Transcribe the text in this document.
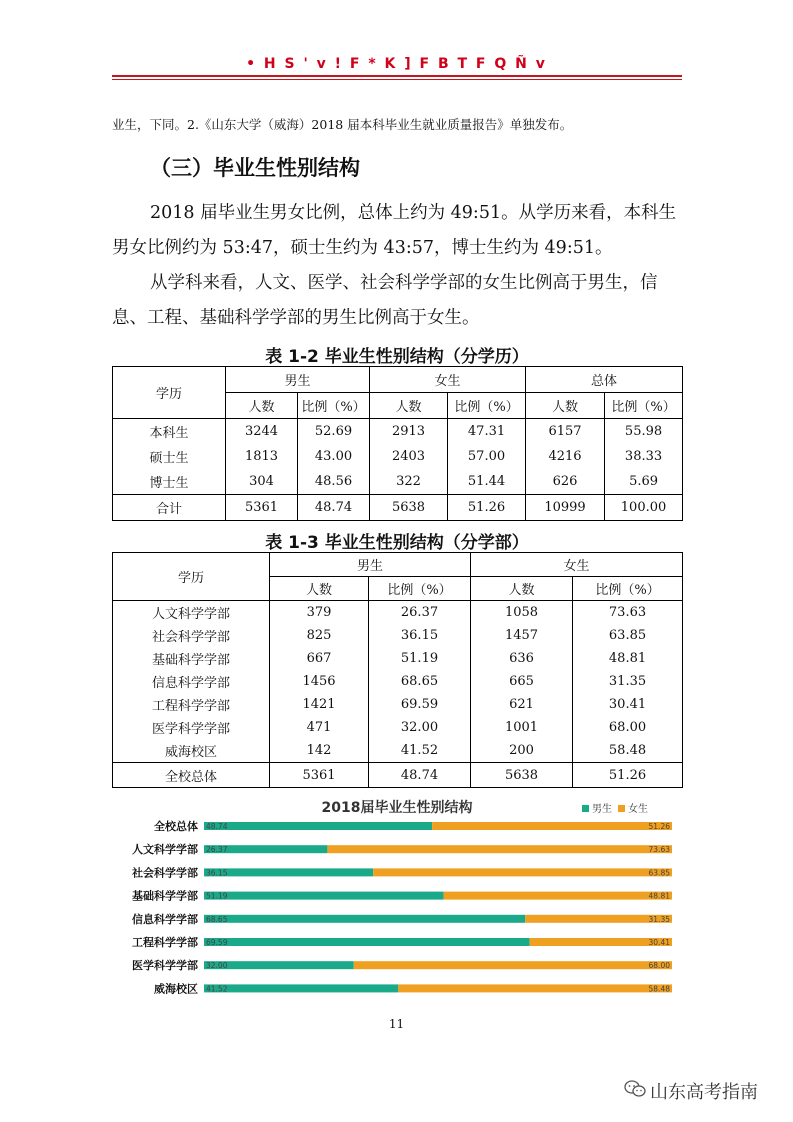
• H S ' v ! F * K ] F B T F Q Ñ v
业生，下同。2.《山东大学（威海）2018 届本科毕业生就业质量报告》单独发布。
（三）毕业生性别结构
2018 届毕业生男女比例，总体上约为 49:51。从学历来看，本科生男女比例约为 53:47，硕士生约为 43:57，博士生约为 49:51。
从学科来看，人文、医学、社会科学学部的女生比例高于男生，信息、工程、基础科学学部的男生比例高于女生。
表 1-2 毕业生性别结构（分学历）
学历	男生		女生		总体	
	人数	比例（%）	人数	比例（%）	人数	比例（%）
本科生	3244	52.69	2913	47.31	6157	55.98
硕士生	1813	43.00	2403	57.00	4216	38.33
博士生	304	48.56	322	51.44	626	5.69
合计	5361	48.74	5638	51.26	10999	100.00
表 1-3 毕业生性别结构（分学部）
学历	男生		女生	
	人数	比例（%）	人数	比例（%）
人文科学学部	379	26.37	1058	73.63
社会科学学部	825	36.15	1457	63.85
基础科学学部	667	51.19	636	48.81
信息科学学部	1456	68.65	665	31.35
工程科学学部	1421	69.59	621	30.41
医学科学学部	471	32.00	1001	68.00
威海校区	142	41.52	200	58.48
全校总体	5361	48.74	5638	51.26
2018届毕业生性别结构	男生 女生
全校总体 48.74	51.26
人文科学学部 26.37	73.63
社会科学学部 36.15	63.85
基础科学学部 51.19	48.81
信息科学学部 68.65	31.35
工程科学学部 69.59	30.41
医学科学学部 32.00	68.00
威海校区 41.52	58.48
11
山东高考指南
